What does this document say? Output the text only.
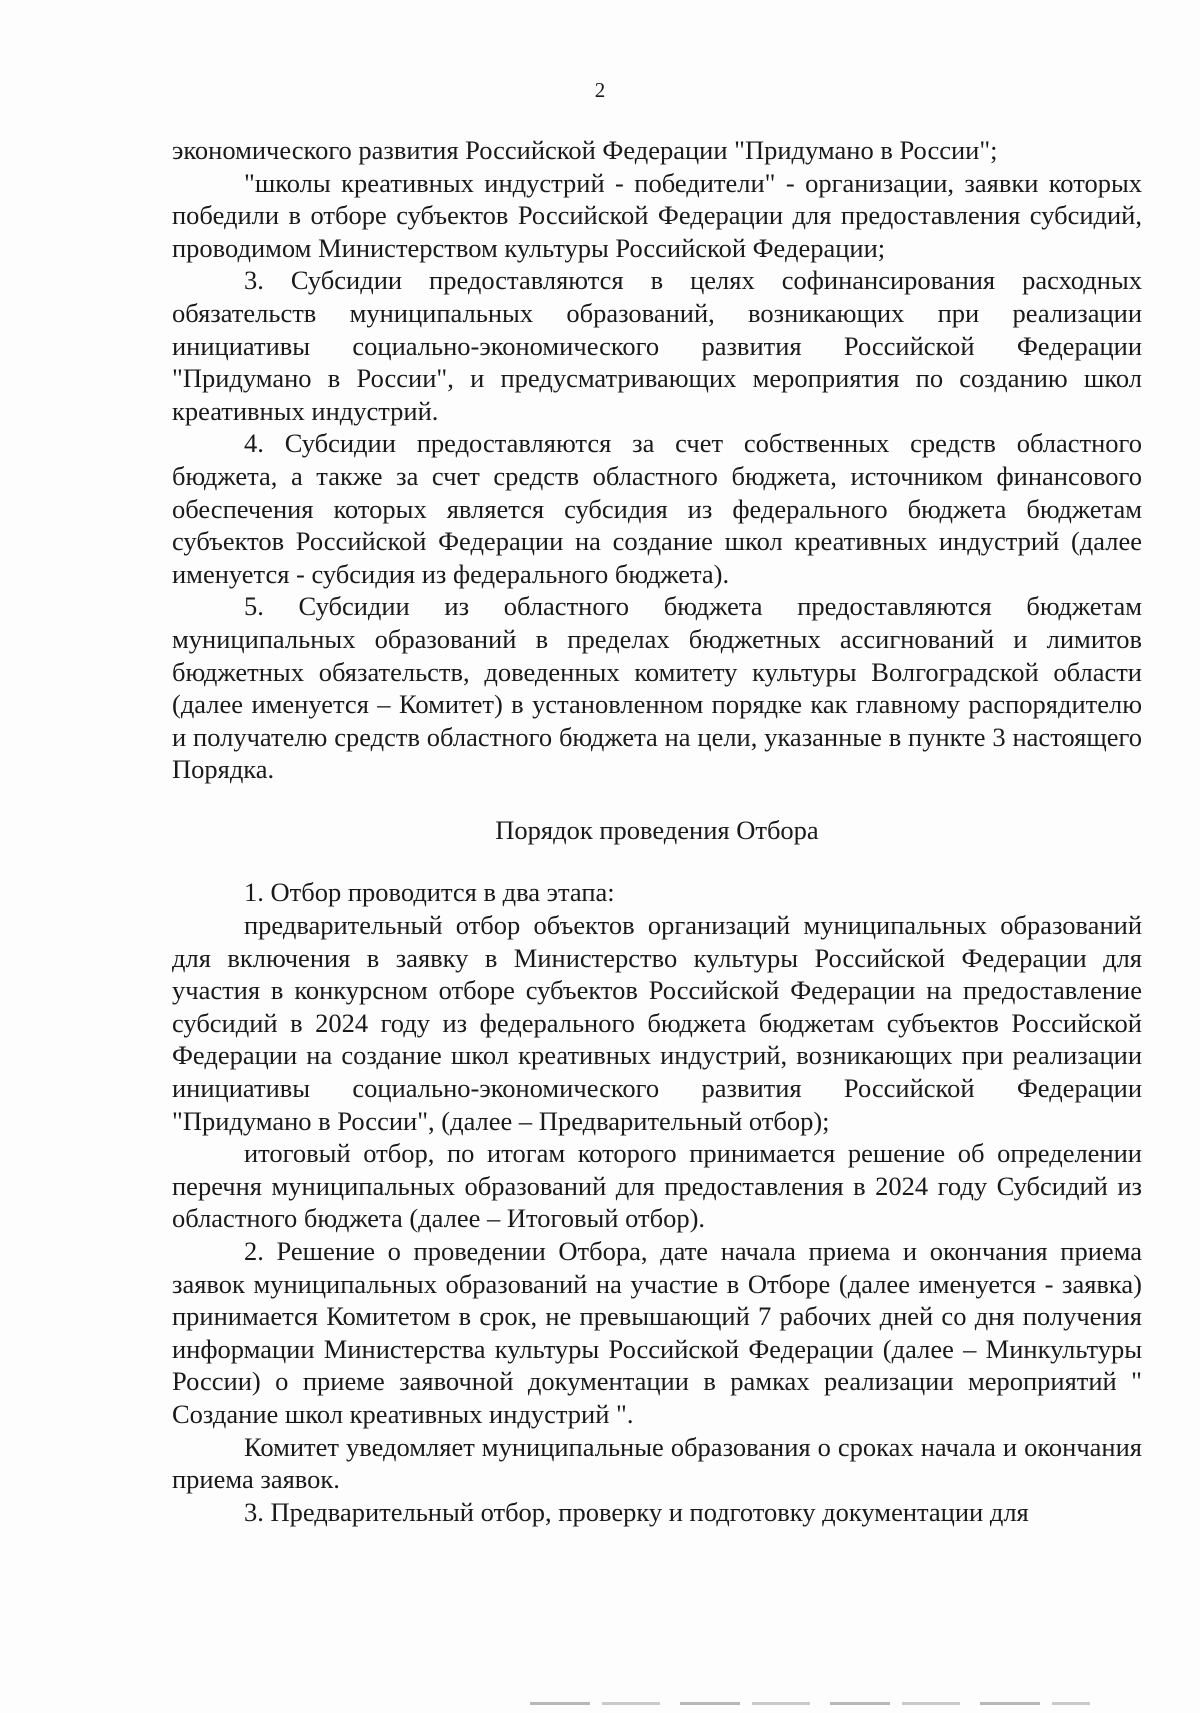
2

экономического развития Российской Федерации "Придумано в России";

"школы креативных индустрий - победители" - организации, заявки которых победили в отборе субъектов Российской Федерации для предоставления субсидий, проводимом Министерством культуры Российской Федерации;

3. Субсидии предоставляются в целях софинансирования расходных обязательств муниципальных образований, возникающих при реализации инициативы социально-экономического развития Российской Федерации "Придумано в России", и предусматривающих мероприятия по созданию школ креативных индустрий.

4. Субсидии предоставляются за счет собственных средств областного бюджета, а также за счет средств областного бюджета, источником финансового обеспечения которых является субсидия из федерального бюджета бюджетам субъектов Российской Федерации на создание школ креативных индустрий (далее именуется - субсидия из федерального бюджета).

5. Субсидии из областного бюджета предоставляются бюджетам муниципальных образований в пределах бюджетных ассигнований и лимитов бюджетных обязательств, доведенных комитету культуры Волгоградской области (далее именуется – Комитет) в установленном порядке как главному распорядителю и получателю средств областного бюджета на цели, указанные в пункте 3 настоящего Порядка.

Порядок проведения Отбора

1. Отбор проводится в два этапа:

предварительный отбор объектов организаций муниципальных образований для включения в заявку в Министерство культуры Российской Федерации для участия в конкурсном отборе субъектов Российской Федерации на предоставление субсидий в 2024 году из федерального бюджета бюджетам субъектов Российской Федерации на создание школ креативных индустрий, возникающих при реализации инициативы социально-экономического развития Российской Федерации "Придумано в России", (далее – Предварительный отбор);

итоговый отбор, по итогам которого принимается решение об определении перечня муниципальных образований для предоставления в 2024 году Субсидий из областного бюджета (далее – Итоговый отбор).

2. Решение о проведении Отбора, дате начала приема и окончания приема заявок муниципальных образований на участие в Отборе (далее именуется - заявка) принимается Комитетом в срок, не превышающий 7 рабочих дней со дня получения информации Министерства культуры Российской Федерации (далее – Минкультуры России) о приеме заявочной документации в рамках реализации мероприятий " Создание школ креативных индустрий ".

Комитет уведомляет муниципальные образования о сроках начала и окончания приема заявок.

3. Предварительный отбор, проверку и подготовку документации для
